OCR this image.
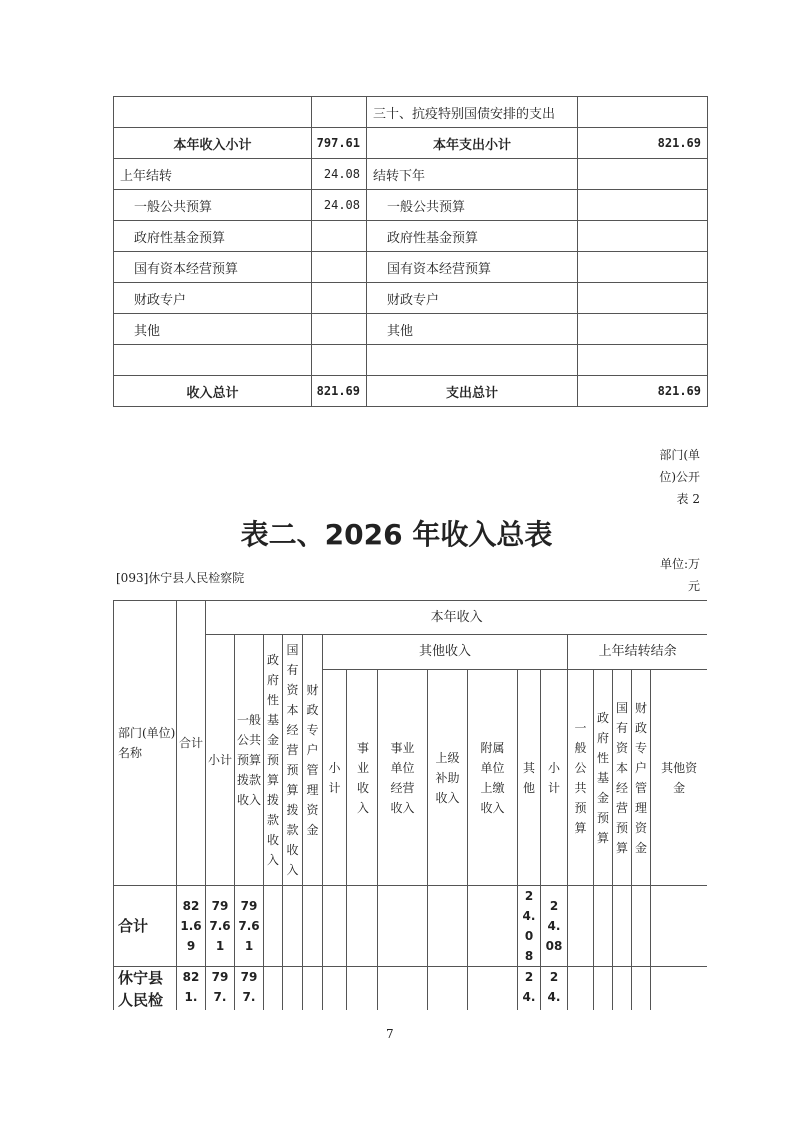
		三十、抗疫特别国债安排的支出	
本年收入小计	797.61	本年支出小计	821.69
上年结转	24.08	结转下年	
一般公共预算	24.08	一般公共预算	
政府性基金预算		政府性基金预算	
国有资本经营预算		国有资本经营预算	
财政专户		财政专户	
其他		其他	

收入总计	821.69	支出总计	821.69
部门(单
位)公开
表 2
表二、2026 年收入总表
[093]休宁县人民检察院
单位:万
元
部门(单位)名称	合计	本年收入																
		小计	一般公共预算拨款收入	政府性基金预算拨款收入	国有资本经营预算拨款收入	财政专户管理资金	其他收入							上年结转结余				
							小计	事业收入	事业单位经营收入	上级补助收入	附属单位上缴收入	其他	小计	一般公共预算	政府性基金预算	国有资本经营预算	财政专户管理资金	其他资金
合计	821.69	797.61	797.61									24.08	24.08					
休宁县人民检	821.	797.	797.									24.	24.					
7
